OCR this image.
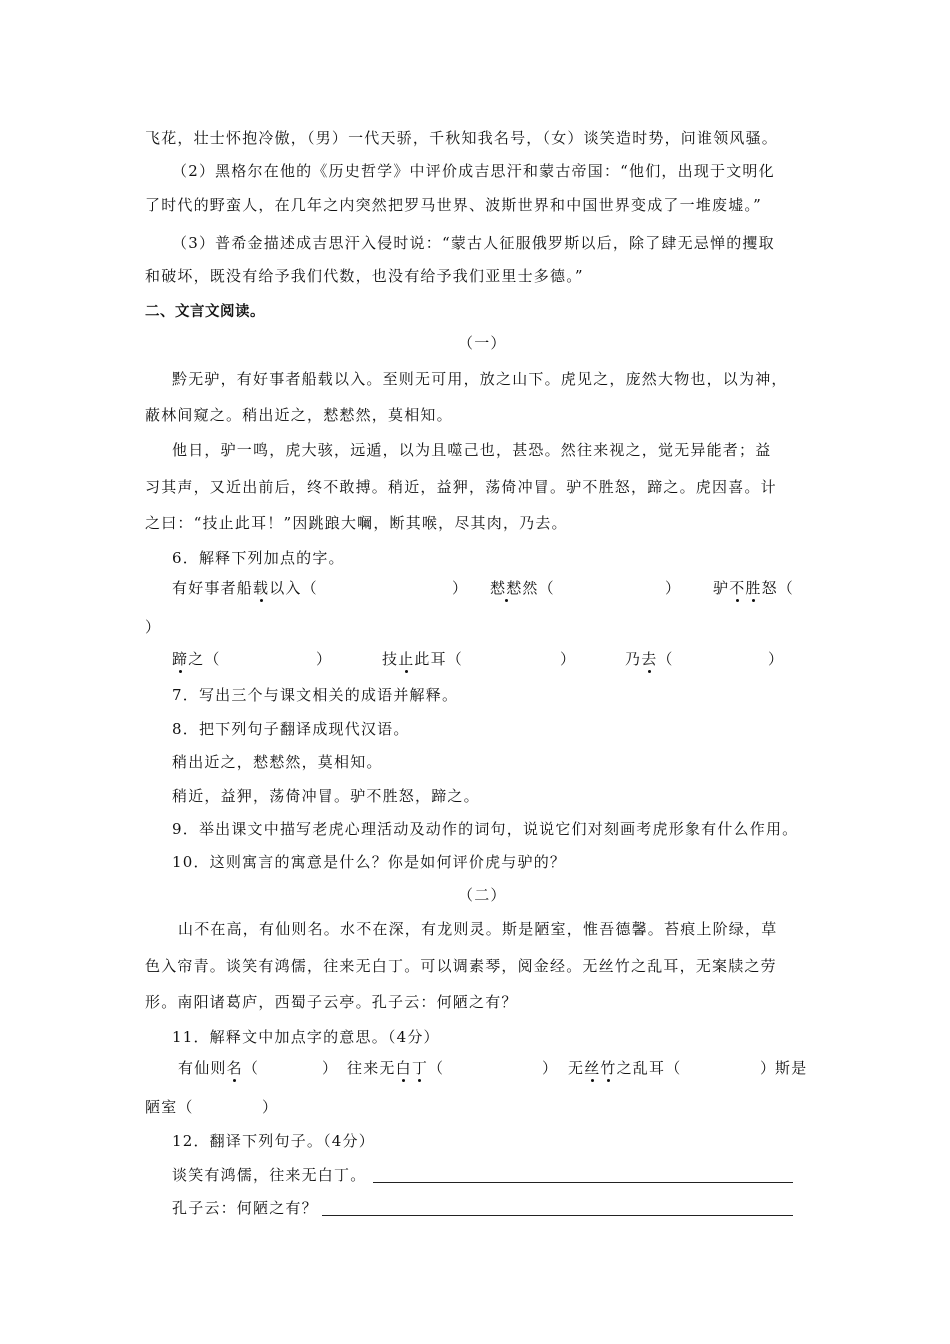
飞花，壮士怀抱冷傲，（男）一代天骄，千秋知我名号，（女）谈笑造时势，问谁领风骚。
（2）黑格尔在他的《历史哲学》中评价成吉思汗和蒙古帝国：“他们，出现于文明化
了时代的野蛮人，在几年之内突然把罗马世界、波斯世界和中国世界变成了一堆废墟。”
（3）普希金描述成吉思汗入侵时说：“蒙古人征服俄罗斯以后，除了肆无忌惮的攫取
和破坏，既没有给予我们代数，也没有给予我们亚里士多德。”
二、文言文阅读。
（一）
黔无驴，有好事者船载以入。至则无可用，放之山下。虎见之，庞然大物也，以为神，
蔽林间窥之。稍出近之，慭慭然，莫相知。
他日，驴一鸣，虎大骇，远遁，以为且噬己也，甚恐。然往来视之，觉无异能者；益
习其声，又近出前后，终不敢搏。稍近，益狎，荡倚冲冒。驴不胜怒，蹄之。虎因喜。计
之曰：“技止此耳！”因跳踉大㘎，断其喉，尽其肉，乃去。
6．解释下列加点的字。
有好事者船载以入（	） 慭慭然（	） 驴不胜怒（
）
蹄之（	）	技止此耳（	）	乃去（	）
7．写出三个与课文相关的成语并解释。
8．把下列句子翻译成现代汉语。
稍出近之，慭慭然，莫相知。
稍近，益狎，荡倚冲冒。驴不胜怒，蹄之。
9．举出课文中描写老虎心理活动及动作的词句，说说它们对刻画考虎形象有什么作用。
10．这则寓言的寓意是什么？你是如何评价虎与驴的？
（二）
山不在高，有仙则名。水不在深，有龙则灵。斯是陋室，惟吾德馨。苔痕上阶绿，草
色入帘青。谈笑有鸿儒，往来无白丁。可以调素琴，阅金经。无丝竹之乱耳，无案牍之劳
形。南阳诸葛庐，西蜀子云亭。孔子云：何陋之有？
11．解释文中加点字的意思。（4分）
有仙则名（	） 往来无白丁（	） 无丝竹之乱耳（	）
斯是
陋室（	）
12．翻译下列句子。（4分）
谈笑有鸿儒，往来无白丁。
孔子云：何陋之有？
